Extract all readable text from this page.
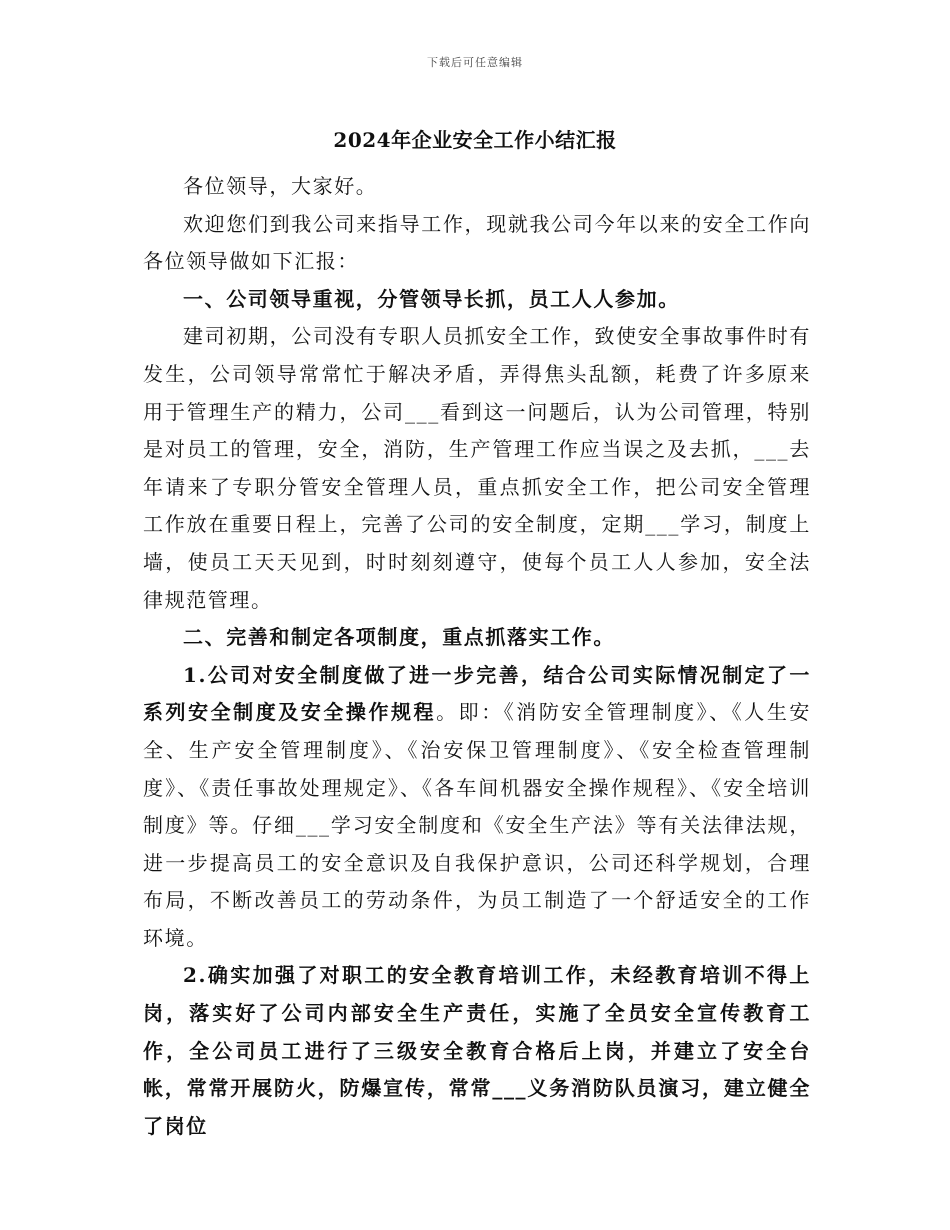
下载后可任意编辑
2024年企业安全工作小结汇报

各位领导，大家好。

欢迎您们到我公司来指导工作，现就我公司今年以来的安全工作向各位领导做如下汇报：

一、公司领导重视，分管领导长抓，员工人人参加。

建司初期，公司没有专职人员抓安全工作，致使安全事故事件时有发生，公司领导常常忙于解决矛盾，弄得焦头乱额，耗费了许多原来用于管理生产的精力，公司___看到这一问题后，认为公司管理，特别是对员工的管理，安全，消防，生产管理工作应当误之及去抓，___去年请来了专职分管安全管理人员，重点抓安全工作，把公司安全管理工作放在重要日程上，完善了公司的安全制度，定期___学习，制度上墙，使员工天天见到，时时刻刻遵守，使每个员工人人参加，安全法律规范管理。

二、完善和制定各项制度，重点抓落实工作。

1.公司对安全制度做了进一步完善，结合公司实际情况制定了一系列安全制度及安全操作规程。即：《消防安全管理制度》、《人生安全、生产安全管理制度》、《治安保卫管理制度》、《安全检查管理制度》、《责任事故处理规定》、《各车间机器安全操作规程》、《安全培训制度》等。仔细___学习安全制度和《安全生产法》等有关法律法规，进一步提高员工的安全意识及自我保护意识，公司还科学规划，合理布局，不断改善员工的劳动条件，为员工制造了一个舒适安全的工作环境。

2.确实加强了对职工的安全教育培训工作，未经教育培训不得上岗，落实好了公司内部安全生产责任，实施了全员安全宣传教育工作，全公司员工进行了三级安全教育合格后上岗，并建立了安全台帐，常常开展防火，防爆宣传，常常___义务消防队员演习，建立健全了岗位
